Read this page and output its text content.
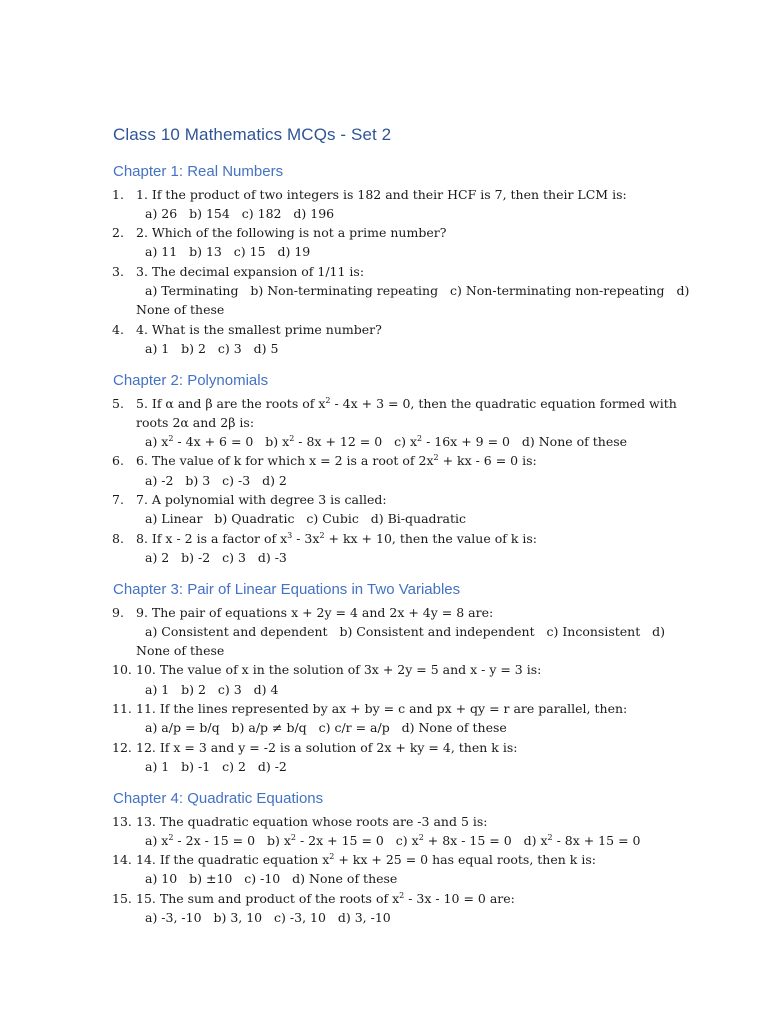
Class 10 Mathematics MCQs - Set 2
Chapter 1: Real Numbers
1. 1. If the product of two integers is 182 and their HCF is 7, then their LCM is:
a) 26   b) 154   c) 182   d) 196
2. 2. Which of the following is not a prime number?
a) 11   b) 13   c) 15   d) 19
3. 3. The decimal expansion of 1/11 is:
a) Terminating   b) Non-terminating repeating   c) Non-terminating non-repeating   d)
None of these
4. 4. What is the smallest prime number?
a) 1   b) 2   c) 3   d) 5
Chapter 2: Polynomials
5. 5. If α and β are the roots of $x^2 - 4x + 3 = 0$, then the quadratic equation formed with
roots 2α and 2β is:
a) $x^2 - 4x + 6 = 0$   b) $x^2 - 8x + 12 = 0$   c) $x^2 - 16x + 9 = 0$   d) None of these
6. 6. The value of k for which x = 2 is a root of $2x^2$ + kx - 6 = 0 is:
a) -2   b) 3   c) -3   d) 2
7. 7. A polynomial with degree 3 is called:
a) Linear   b) Quadratic   c) Cubic   d) Bi-quadratic
8. 8. If x - 2 is a factor of $x^3 - 3x^2$ + kx + 10, then the value of k is:
a) 2   b) -2   c) 3   d) -3
Chapter 3: Pair of Linear Equations in Two Variables
9. 9. The pair of equations x + 2y = 4 and 2x + 4y = 8 are:
a) Consistent and dependent   b) Consistent and independent   c) Inconsistent   d)
None of these
10. 10. The value of x in the solution of 3x + 2y = 5 and x - y = 3 is:
a) 1   b) 2   c) 3   d) 4
11. 11. If the lines represented by ax + by = c and px + qy = r are parallel, then:
a) a/p = b/q   b) a/p ≠ b/q   c) c/r = a/p   d) None of these
12. 12. If x = 3 and y = -2 is a solution of 2x + ky = 4, then k is:
a) 1   b) -1   c) 2   d) -2
Chapter 4: Quadratic Equations
13. 13. The quadratic equation whose roots are -3 and 5 is:
a) $x^2 - 2x - 15 = 0$   b) $x^2 - 2x + 15 = 0$   c) $x^2 + 8x - 15 = 0$   d) $x^2 - 8x + 15 = 0$
14. 14. If the quadratic equation $x^2$ + kx + 25 = 0 has equal roots, then k is:
a) 10   b) ±10   c) -10   d) None of these
15. 15. The sum and product of the roots of $x^2 - 3x - 10 = 0$ are:
a) -3, -10   b) 3, 10   c) -3, 10   d) 3, -10
